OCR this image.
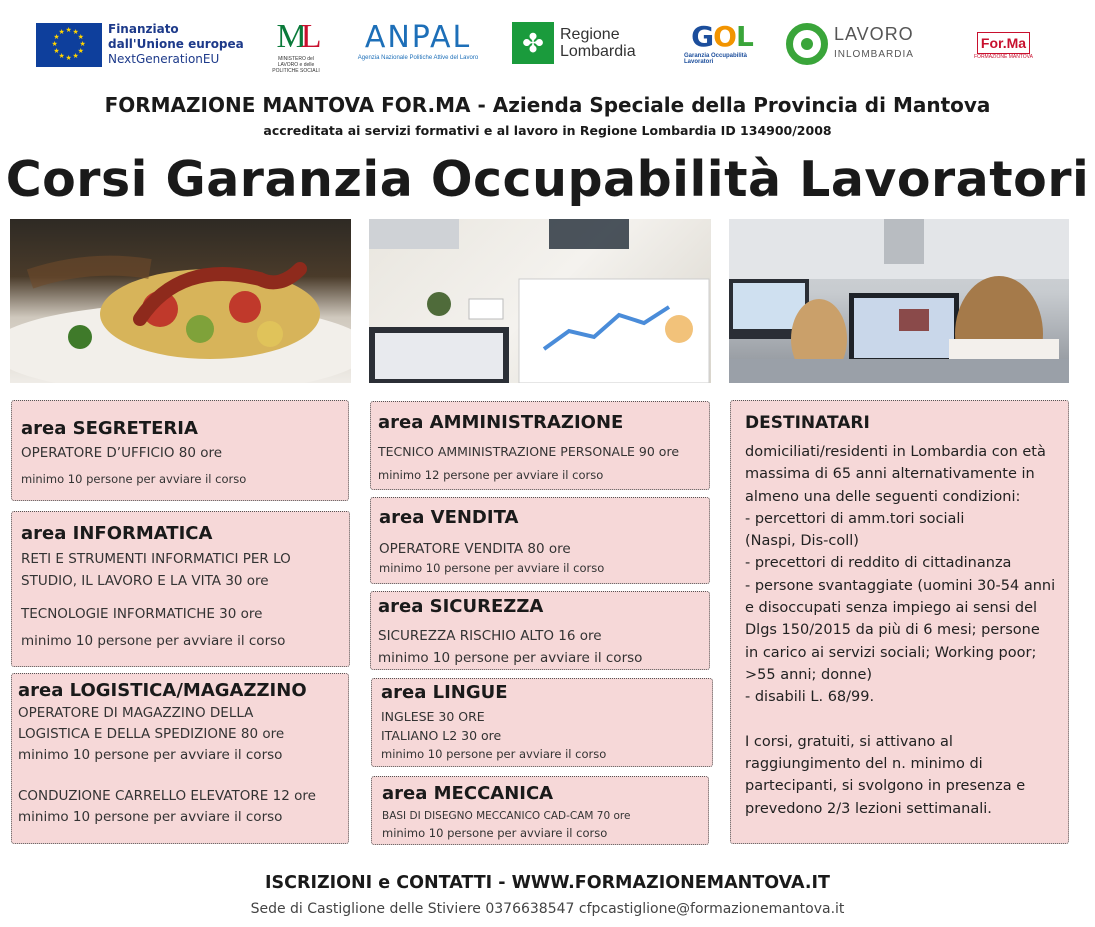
★
★
★
★
★
★
★
★
★ ★ ★
★
Finanziato
dall'Unione europea
NextGenerationEU
ML
MINISTERO del LAVORO e delle POLITICHE SOCIALI
ANPAL
Agenzia Nazionale Politiche Attive del Lavoro
✤	Regione
Lombardia GOL
Garanzia Occupabilità Lavoratori
LAVORO
INLOMBARDIA
For.Ma
FORMAZIONE MANTOVA
FORMAZIONE MANTOVA FOR.MA - Azienda Speciale della Provincia di Mantova
accreditata ai servizi formativi e al lavoro in Regione Lombardia ID 134900/2008
Corsi Garanzia Occupabilità Lavoratori
area SEGRETERIA

OPERATORE D’UFFICIO 80 ore

minimo 10 persone per avviare il corso

area INFORMATICA

RETI E STRUMENTI INFORMATICI PER LO

STUDIO, IL LAVORO E LA VITA 30 ore

TECNOLOGIE INFORMATICHE 30 ore

minimo 10 persone per avviare il corso

area LOGISTICA/MAGAZZINO

OPERATORE DI MAGAZZINO DELLA

LOGISTICA E DELLA SPEDIZIONE 80 ore

minimo 10 persone per avviare il corso

CONDUZIONE CARRELLO ELEVATORE 12 ore

minimo 10 persone per avviare il corso

area AMMINISTRAZIONE

TECNICO AMMINISTRAZIONE PERSONALE 90 ore

minimo 12 persone per avviare il corso

area VENDITA

OPERATORE VENDITA 80 ore

minimo 10 persone per avviare il corso

area SICUREZZA

SICUREZZA RISCHIO ALTO 16 ore

minimo 10 persone per avviare il corso

area LINGUE

INGLESE 30 ORE

ITALIANO L2 30 ore

minimo 10 persone per avviare il corso

area MECCANICA

BASI DI DISEGNO MECCANICO CAD-CAM 70 ore

minimo 10 persone per avviare il corso

DESTINATARI
domiciliati/residenti in Lombardia con età
massima di 65 anni alternativamente in
almeno una delle seguenti condizioni:
- percettori di amm.tori sociali
(Naspi, Dis-coll)
- precettori di reddito di cittadinanza
- persone svantaggiate (uomini 30-54 anni
e disoccupati senza impiego ai sensi del
Dlgs 150/2015 da più di 6 mesi; persone
in carico ai servizi sociali; Working poor;
>55 anni; donne)
- disabili L. 68/99.

I corsi, gratuiti, si attivano al
raggiungimento del n. minimo di
partecipanti, si svolgono in presenza e
prevedono 2/3 lezioni settimanali.
ISCRIZIONI e CONTATTI - WWW.FORMAZIONEMANTOVA.IT
Sede di Castiglione delle Stiviere 0376638547 cfpcastiglione@formazionemantova.it
